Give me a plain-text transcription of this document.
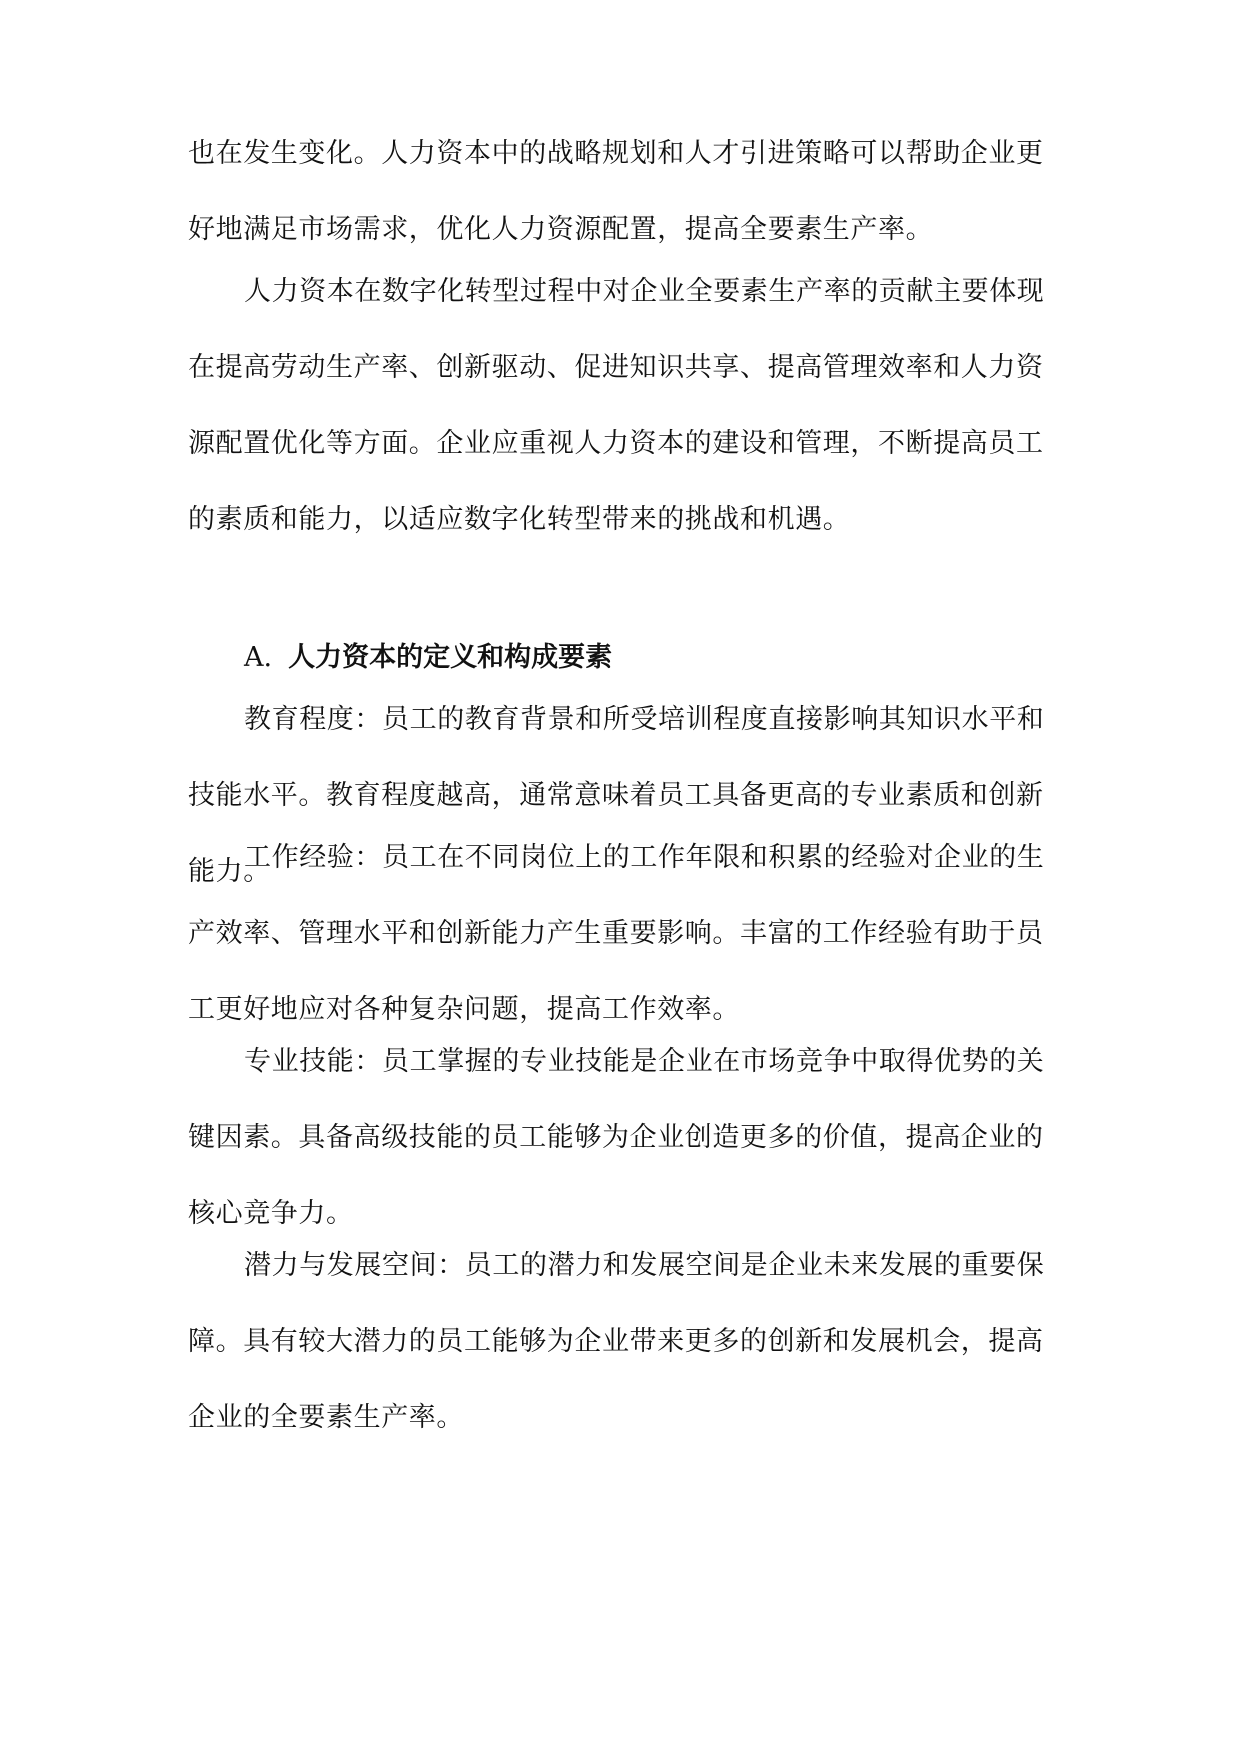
也在发生变化。人力资本中的战略规划和人才引进策略可以帮助企业更好地满足市场需求，优化人力资源配置，提高全要素生产率。

人力资本在数字化转型过程中对企业全要素生产率的贡献主要体现在提高劳动生产率、创新驱动、促进知识共享、提高管理效率和人力资源配置优化等方面。企业应重视人力资本的建设和管理，不断提高员工的素质和能力，以适应数字化转型带来的挑战和机遇。

A. 人力资本的定义和构成要素

教育程度：员工的教育背景和所受培训程度直接影响其知识水平和技能水平。教育程度越高，通常意味着员工具备更高的专业素质和创新能力。

工作经验：员工在不同岗位上的工作年限和积累的经验对企业的生产效率、管理水平和创新能力产生重要影响。丰富的工作经验有助于员工更好地应对各种复杂问题，提高工作效率。

专业技能：员工掌握的专业技能是企业在市场竞争中取得优势的关键因素。具备高级技能的员工能够为企业创造更多的价值，提高企业的核心竞争力。

潜力与发展空间：员工的潜力和发展空间是企业未来发展的重要保障。具有较大潜力的员工能够为企业带来更多的创新和发展机会，提高企业的全要素生产率。
